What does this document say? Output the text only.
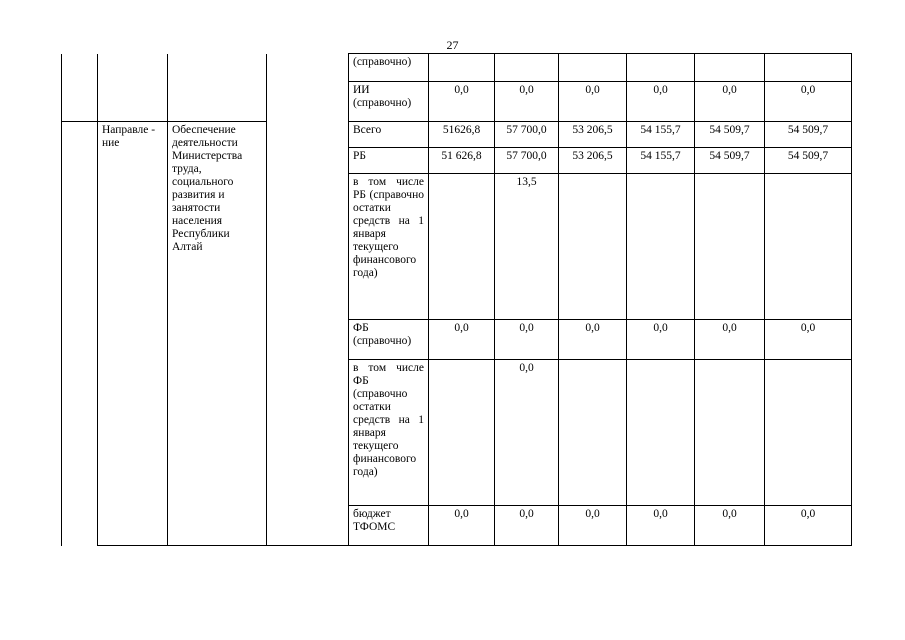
27
				(справочно)						
				ИИ (справочно)	0,0	0,0	0,0	0,0	0,0	0,0
	Направле - ние	Обеспечение деятельности Министерства труда, социального развития и занятости населения Республики Алтай		Всего	51626,8	57 700,0	53 206,5	54 155,7	54 509,7	54 509,7
				РБ	51 626,8	57 700,0	53 206,5	54 155,7	54 509,7	54 509,7
				в том числе РБ (справочно остатки средств на 1 января текущего финансового года)		13,5				
				ФБ (справочно)	0,0	0,0	0,0	0,0	0,0	0,0
				в том числе ФБ (справочно остатки средств на 1 января текущего финансового года)		0,0				
				бюджет ТФОМС	0,0	0,0	0,0	0,0	0,0	0,0
